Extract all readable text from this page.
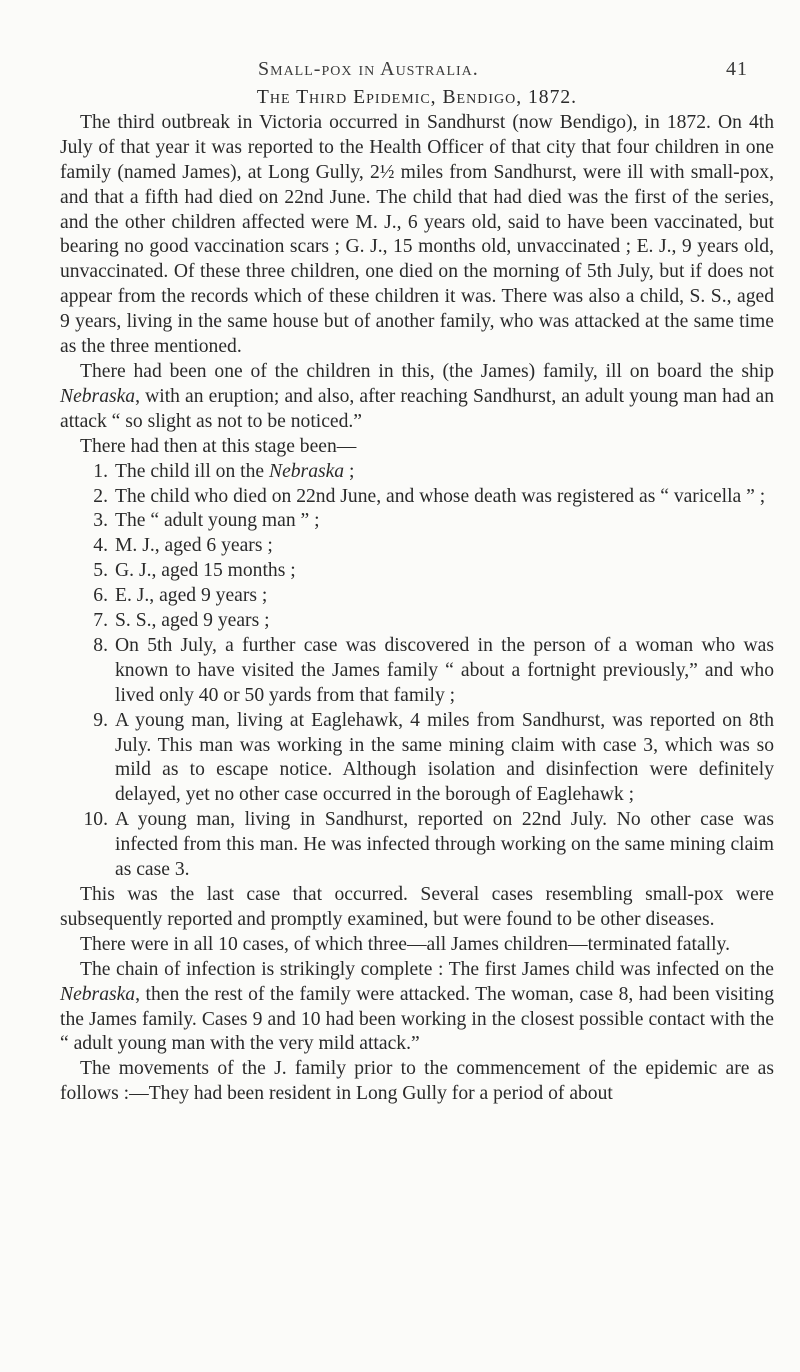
Small-pox in Australia.	41
The Third Epidemic, Bendigo, 1872.

The third outbreak in Victoria occurred in Sandhurst (now Bendigo), in 1872. On 4th July of that year it was reported to the Health Officer of that city that four children in one family (named James), at Long Gully, 2½ miles from Sandhurst, were ill with small-pox, and that a fifth had died on 22nd June. The child that had died was the first of the series, and the other children affected were M. J., 6 years old, said to have been vaccinated, but bearing no good vaccination scars ; G. J., 15 months old, unvaccinated ; E. J., 9 years old, unvaccinated. Of these three children, one died on the morning of 5th July, but if does not appear from the records which of these children it was. There was also a child, S. S., aged 9 years, living in the same house but of another family, who was attacked at the same time as the three mentioned.

There had been one of the children in this, (the James) family, ill on board the ship Nebraska, with an eruption; and also, after reaching Sandhurst, an adult young man had an attack “ so slight as not to be noticed.”

There had then at this stage been—

1. The child ill on the Nebraska ;
2. The child who died on 22nd June, and whose death was registered as “ varicella ” ;
3. The “ adult young man ” ;
4. M. J., aged 6 years ;
5. G. J., aged 15 months ;
6. E. J., aged 9 years ;
7. S. S., aged 9 years ;
8. On 5th July, a further case was discovered in the person of a woman who was known to have visited the James family “ about a fortnight previously,” and who lived only 40 or 50 yards from that family ;
9. A young man, living at Eaglehawk, 4 miles from Sandhurst, was reported on 8th July. This man was working in the same mining claim with case 3, which was so mild as to escape notice. Although isolation and disinfection were definitely delayed, yet no other case occurred in the borough of Eaglehawk ;
10. A young man, living in Sandhurst, reported on 22nd July. No other case was infected from this man. He was infected through working on the same mining claim as case 3.

This was the last case that occurred. Several cases resembling small-pox were subsequently reported and promptly examined, but were found to be other diseases.

There were in all 10 cases, of which three—all James children—terminated fatally.

The chain of infection is strikingly complete : The first James child was infected on the Nebraska, then the rest of the family were attacked. The woman, case 8, had been visiting the James family. Cases 9 and 10 had been working in the closest possible contact with the “ adult young man with the very mild attack.”

The movements of the J. family prior to the commencement of the epidemic are as follows :—They had been resident in Long Gully for a period of about
